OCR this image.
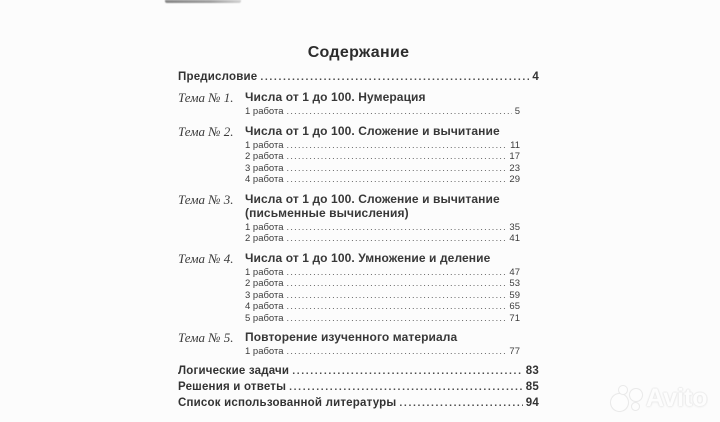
Содержание
Предисловие .....	4
Тема № 1. Числа от 1 до 100. Нумерация
1 работа .....	5
Тема № 2. Числа от 1 до 100. Сложение и вычитание
1 работа .....	11
2 работа .....	17
3 работа .....	23
4 работа .....	29
Тема № 3. Числа от 1 до 100. Сложение и вычитание
(письменные вычисления)
1 работа .....	35
2 работа .....	41
Тема № 4. Числа от 1 до 100. Умножение и деление
1 работа .....	47
2 работа .....	53
3 работа .....	59
4 работа .....	65
5 работа .....	71
Тема № 5. Повторение изученного материала
1 работа .....	77
Логические задачи .....	83
Решения и ответы .....	85
Список использованной литературы .....	94	Avito
